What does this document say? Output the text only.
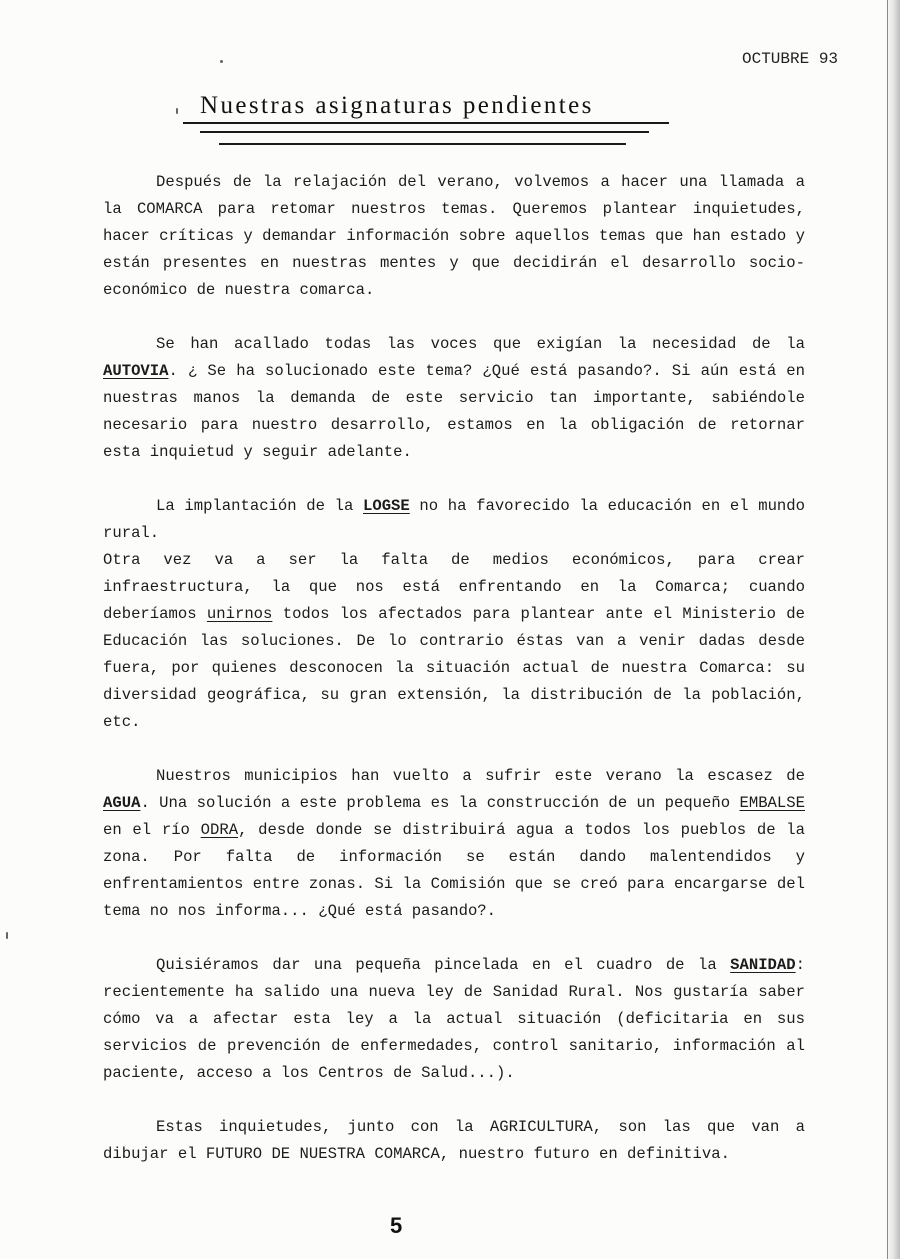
OCTUBRE 93
Nuestras asignaturas pendientes

Después de la relajación del verano, volvemos a hacer una llamada a la COMARCA para retomar nuestros temas. Queremos plantear inquietudes, hacer críticas y demandar información sobre aquellos temas que han estado y están presentes en nuestras mentes y que decidirán el desarrollo socio-económico de nuestra comarca.

Se han acallado todas las voces que exigían la necesidad de la AUTOVIA. ¿ Se ha solucionado este tema? ¿Qué está pasando?. Si aún está en nuestras manos la demanda de este servicio tan importante, sabiéndole necesario para nuestro desarrollo, estamos en la obligación de retornar esta inquietud y seguir adelante.

La implantación de la LOGSE no ha favorecido la educación en el mundo rural.

Otra vez va a ser la falta de medios económicos, para crear infraestructura, la que nos está enfrentando en la Comarca; cuando deberíamos unirnos todos los afectados para plantear ante el Ministerio de Educación las soluciones. De lo contrario éstas van a venir dadas desde fuera, por quienes desconocen la situación actual de nuestra Comarca: su diversidad geográfica, su gran extensión, la distribución de la población, etc.

Nuestros municipios han vuelto a sufrir este verano la escasez de AGUA. Una solución a este problema es la construcción de un pequeño EMBALSE en el río ODRA, desde donde se distribuirá agua a todos los pueblos de la zona. Por falta de información se están dando malentendidos y enfrentamientos entre zonas. Si la Comisión que se creó para encargarse del tema no nos informa... ¿Qué está pasando?.

Quisiéramos dar una pequeña pincelada en el cuadro de la SANIDAD: recientemente ha salido una nueva ley de Sanidad Rural. Nos gustaría saber cómo va a afectar esta ley a la actual situación (deficitaria en sus servicios de prevención de enfermedades, control sanitario, información al paciente, acceso a los Centros de Salud...).

Estas inquietudes, junto con la AGRICULTURA, son las que van a dibujar el FUTURO DE NUESTRA COMARCA, nuestro futuro en definitiva.

5
